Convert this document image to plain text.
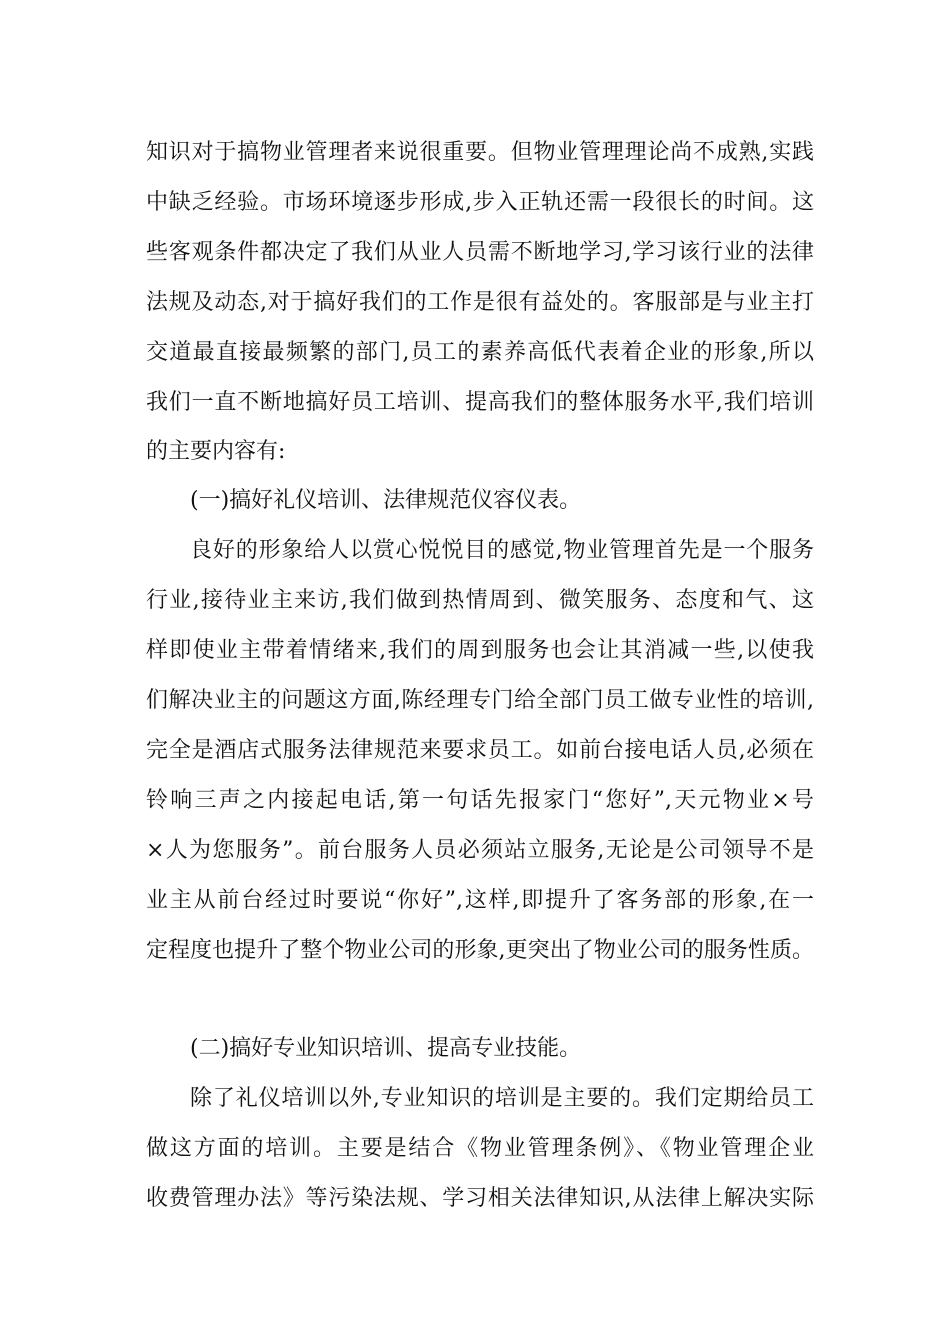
知识对于搞物业管理者来说很重要。但物业管理理论尚不成熟,实践
中缺乏经验。市场环境逐步形成,步入正轨还需一段很长的时间。这
些客观条件都决定了我们从业人员需不断地学习,学习该行业的法律
法规及动态,对于搞好我们的工作是很有益处的。客服部是与业主打
交道最直接最频繁的部门,员工的素养高低代表着企业的形象,所以
我们一直不断地搞好员工培训、提高我们的整体服务水平,我们培训
的主要内容有:
(一)搞好礼仪培训、法律规范仪容仪表。
良好的形象给人以赏心悦悦目的感觉,物业管理首先是一个服务
行业,接待业主来访,我们做到热情周到、微笑服务、态度和气、这
样即使业主带着情绪来,我们的周到服务也会让其消减一些,以使我
们解决业主的问题这方面,陈经理专门给全部门员工做专业性的培训,
完全是酒店式服务法律规范来要求员工。如前台接电话人员,必须在
铃响三声之内接起电话,第一句话先报家门“您好”,天元物业×号
×人为您服务”。前台服务人员必须站立服务,无论是公司领导不是
业主从前台经过时要说“你好”,这样,即提升了客务部的形象,在一
定程度也提升了整个物业公司的形象,更突出了物业公司的服务性质。
(二)搞好专业知识培训、提高专业技能。
除了礼仪培训以外,专业知识的培训是主要的。我们定期给员工
做这方面的培训。主要是结合《物业管理条例》、《物业管理企业
收费管理办法》等污染法规、学习相关法律知识,从法律上解决实际
